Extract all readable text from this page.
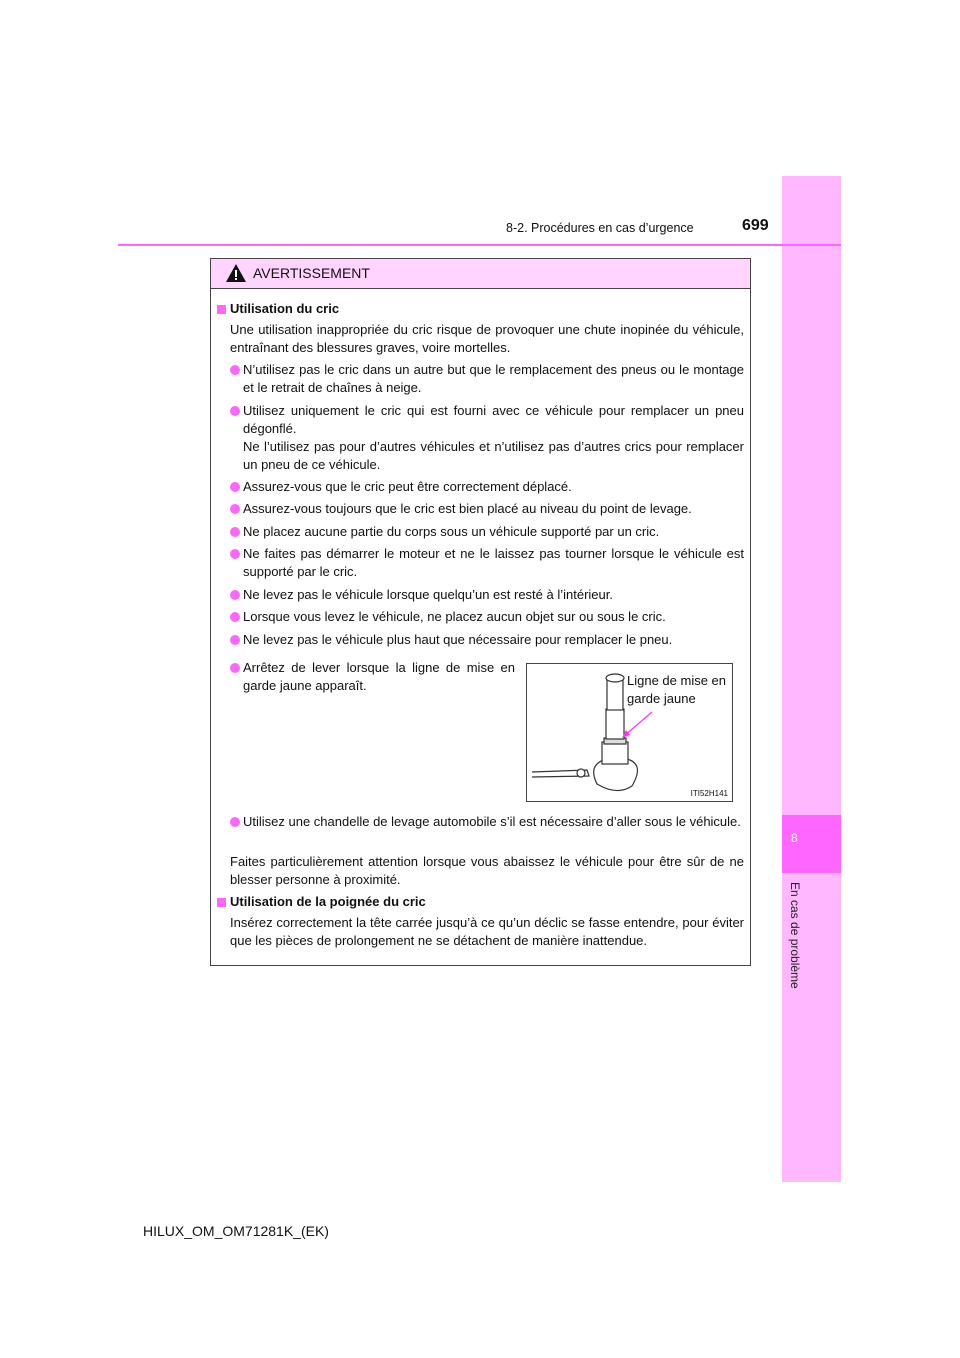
8
En cas de problème
8-2. Procédures en cas d’urgence	699
AVERTISSEMENT
Utilisation du cric
Une utilisation inappropriée du cric risque de provoquer une chute inopinée du véhicule, entraînant des blessures graves, voire mortelles.
N’utilisez pas le cric dans un autre but que le remplacement des pneus ou le montage et le retrait de chaînes à neige.
Utilisez uniquement le cric qui est fourni avec ce véhicule pour remplacer un pneu dégonflé.
Ne l’utilisez pas pour d’autres véhicules et n’utilisez pas d’autres crics pour remplacer un pneu de ce véhicule.
Assurez-vous que le cric peut être correctement déplacé.
Assurez-vous toujours que le cric est bien placé au niveau du point de levage.
Ne placez aucune partie du corps sous un véhicule supporté par un cric.
Ne faites pas démarrer le moteur et ne le laissez pas tourner lorsque le véhicule est supporté par le cric.
Ne levez pas le véhicule lorsque quelqu’un est resté à l’intérieur.
Lorsque vous levez le véhicule, ne placez aucun objet sur ou sous le cric.
Ne levez pas le véhicule plus haut que nécessaire pour remplacer le pneu.
Arrêtez de lever lorsque la ligne de mise en garde jaune apparaît.	Ligne de mise en garde jaune
ITI52H141
Utilisez une chandelle de levage automobile s’il est nécessaire d’aller sous le véhicule.
Faites particulièrement attention lorsque vous abaissez le véhicule pour être sûr de ne blesser personne à proximité.
Utilisation de la poignée du cric
Insérez correctement la tête carrée jusqu’à ce qu’un déclic se fasse entendre, pour éviter que les pièces de prolongement ne se détachent de manière inattendue.
HILUX_OM_OM71281K_(EK)
